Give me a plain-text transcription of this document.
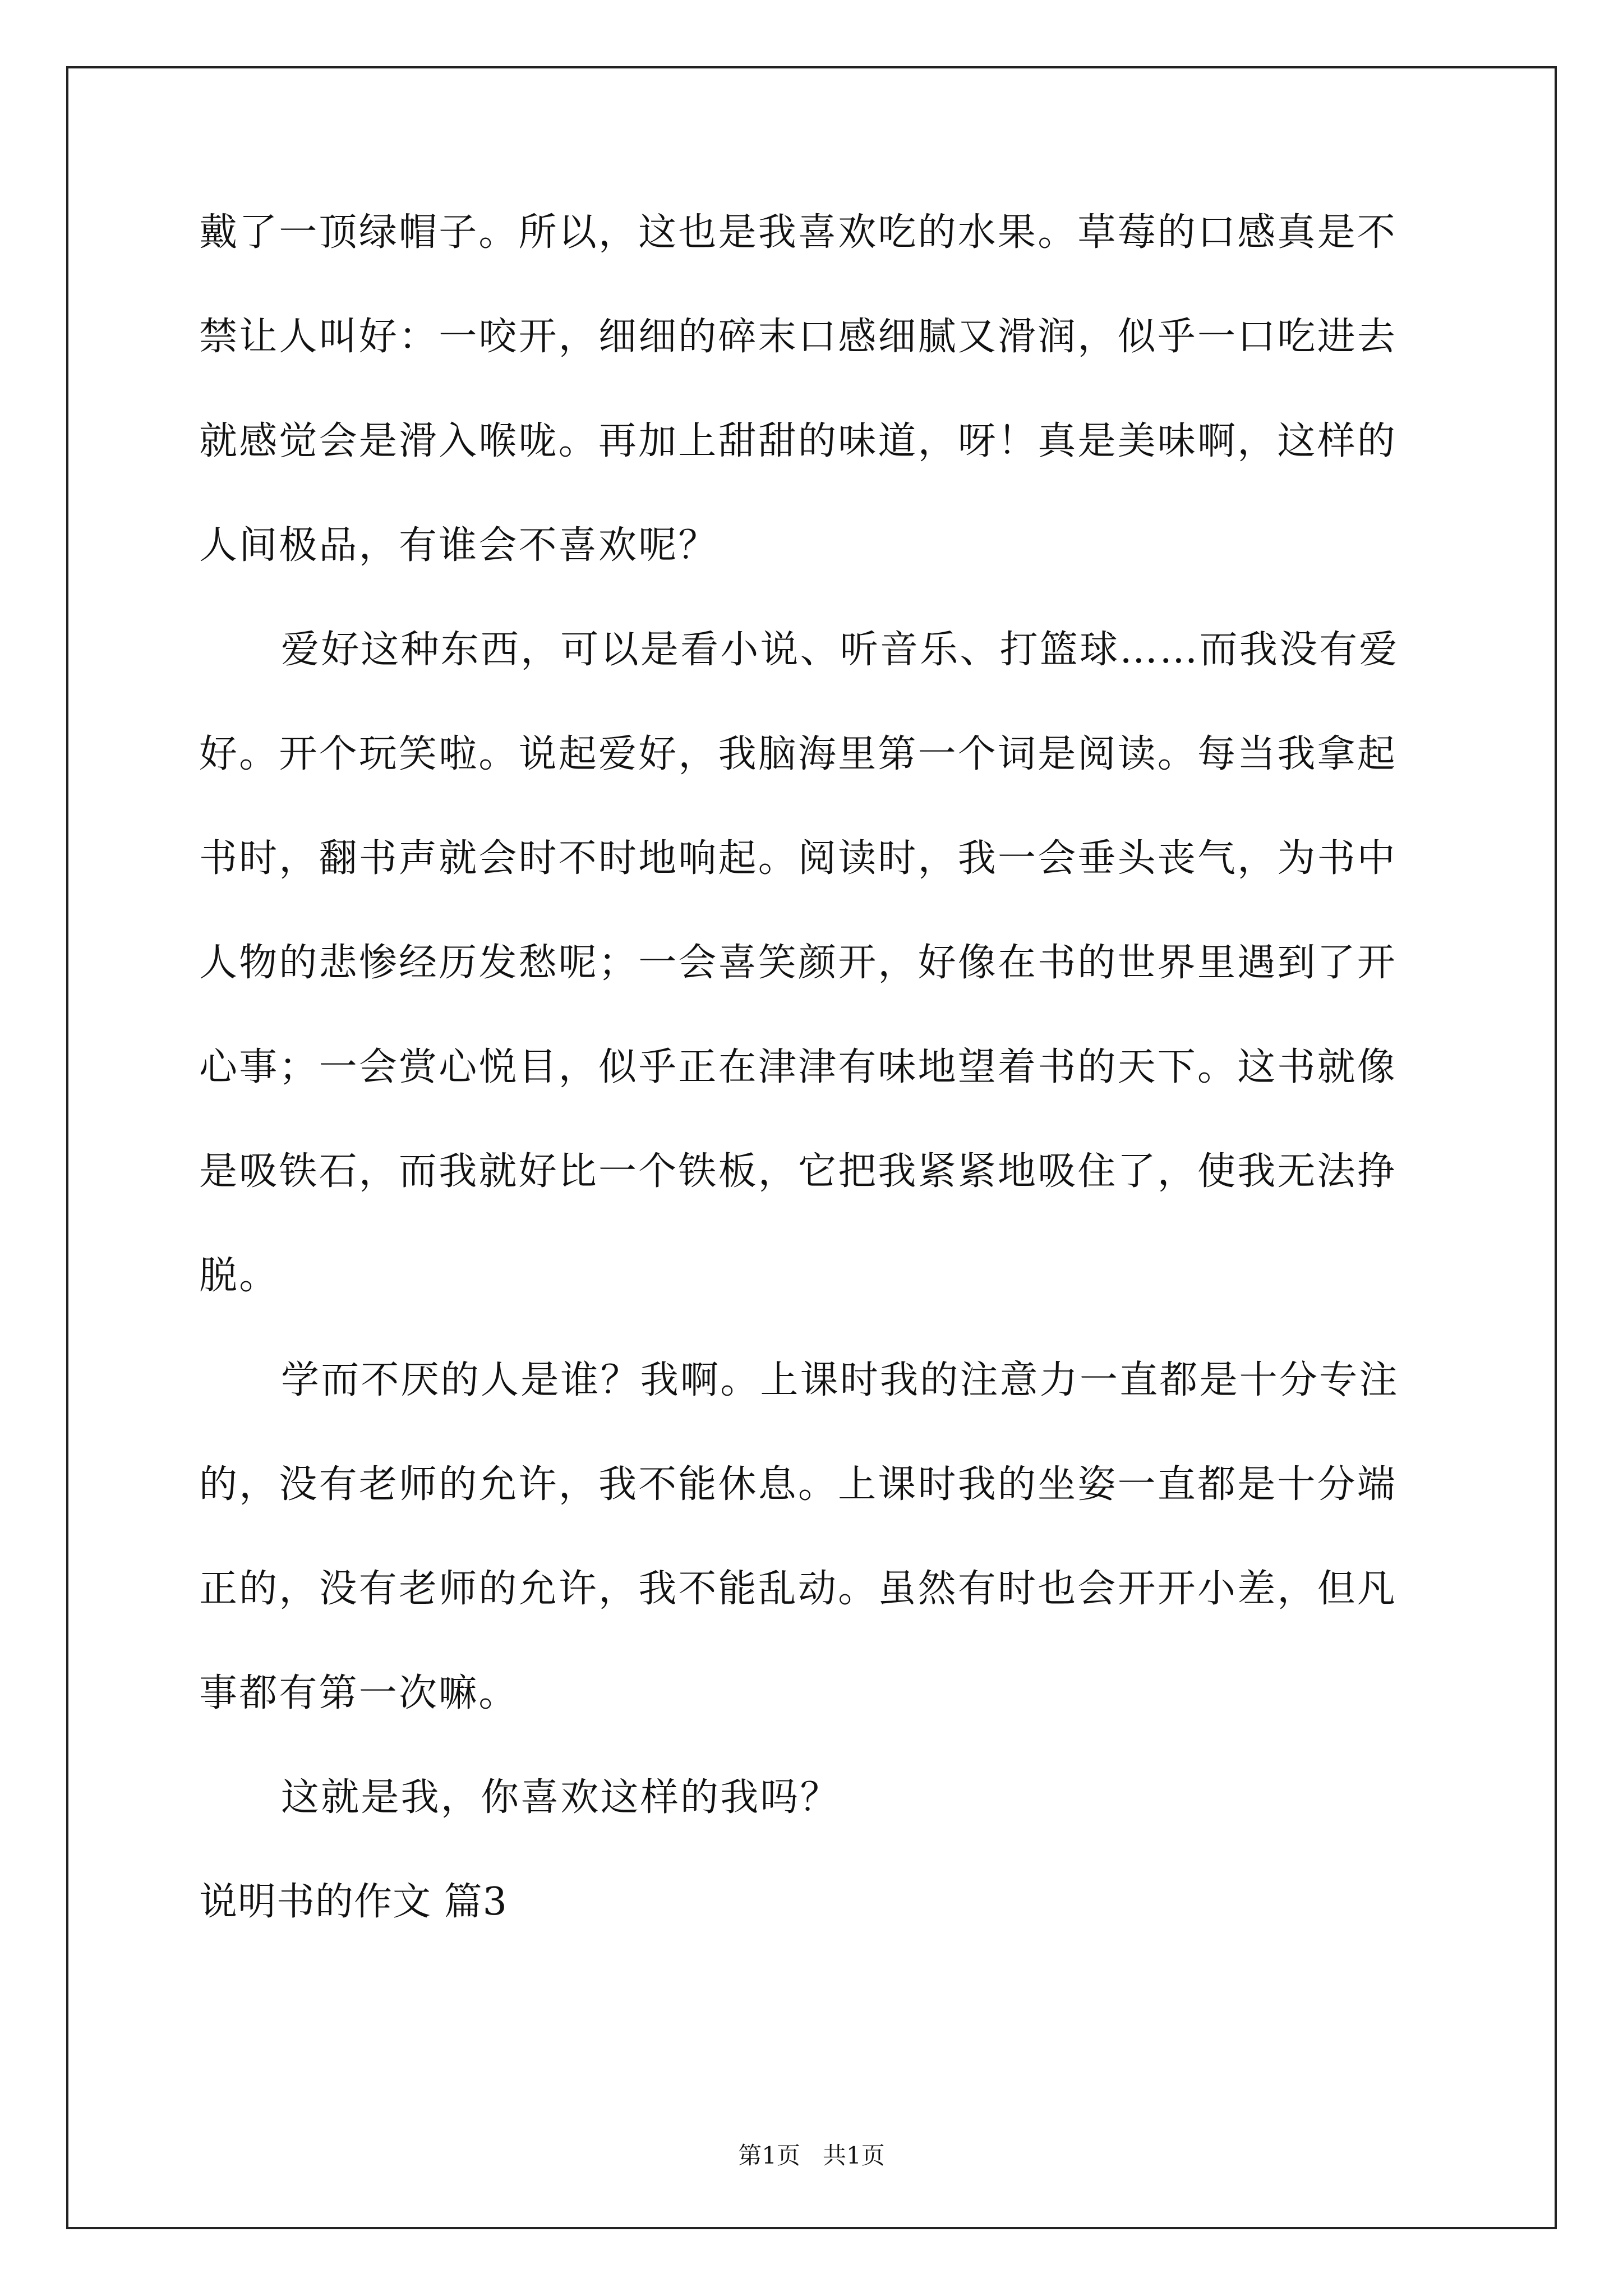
戴了一顶绿帽子。所以，这也是我喜欢吃的水果。草莓的口感真是不
禁让人叫好：一咬开，细细的碎末口感细腻又滑润，似乎一口吃进去
就感觉会是滑入喉咙。再加上甜甜的味道，呀！真是美味啊，这样的
人间极品，有谁会不喜欢呢？
爱好这种东西，可以是看小说、听音乐、打篮球……而我没有爱
好。开个玩笑啦。说起爱好，我脑海里第一个词是阅读。每当我拿起
书时，翻书声就会时不时地响起。阅读时，我一会垂头丧气，为书中
人物的悲惨经历发愁呢；一会喜笑颜开，好像在书的世界里遇到了开
心事；一会赏心悦目，似乎正在津津有味地望着书的天下。这书就像
是吸铁石，而我就好比一个铁板，它把我紧紧地吸住了，使我无法挣
脱。
学而不厌的人是谁？我啊。上课时我的注意力一直都是十分专注
的，没有老师的允许，我不能休息。上课时我的坐姿一直都是十分端
正的，没有老师的允许，我不能乱动。虽然有时也会开开小差，但凡
事都有第一次嘛。
这就是我，你喜欢这样的我吗？
说明书的作文 篇3
第1页   共1页
